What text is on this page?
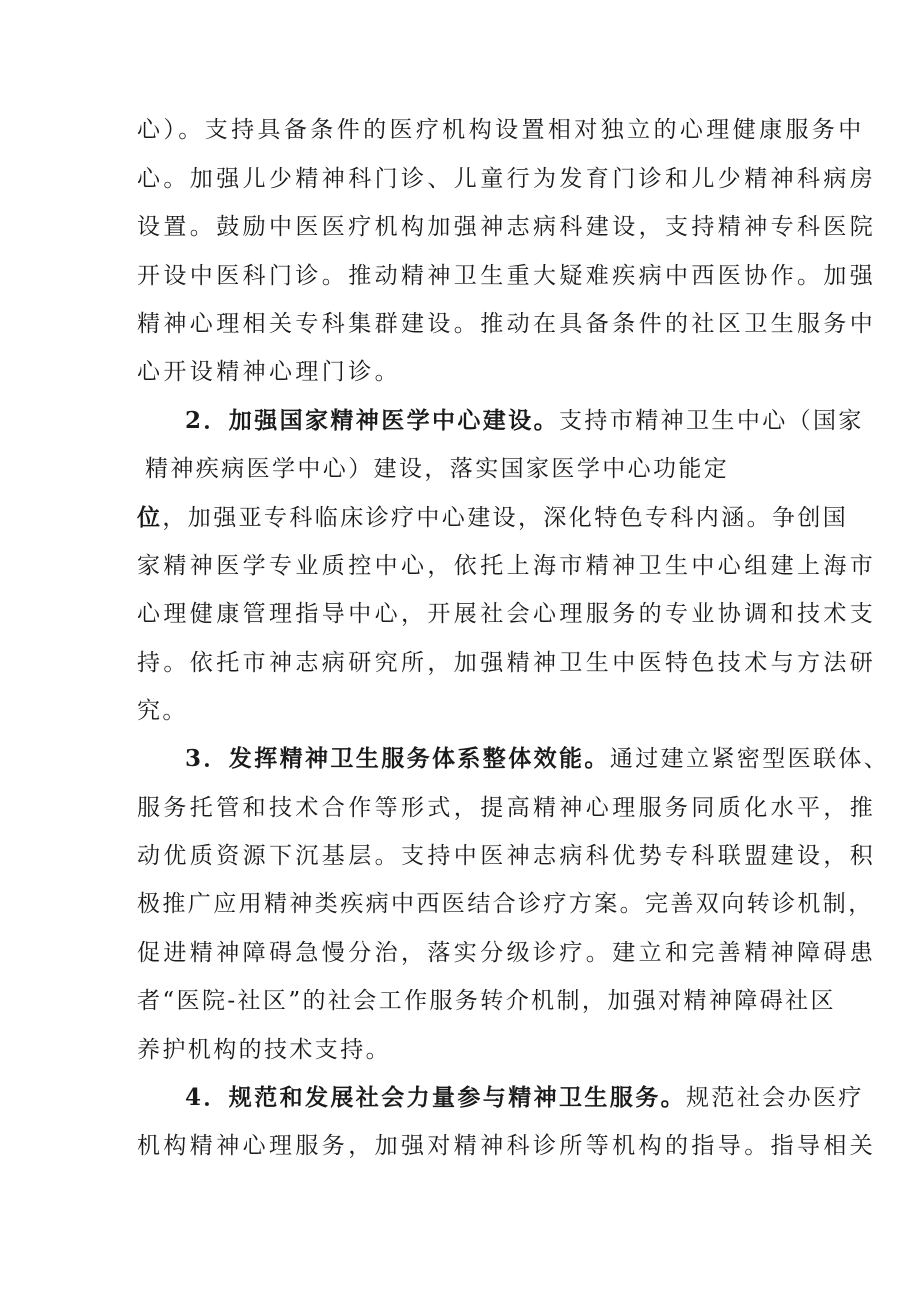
心）。支持具备条件的医疗机构设置相对独立的心理健康服务中
心。加强儿少精神科门诊、儿童行为发育门诊和儿少精神科病房
设置。鼓励中医医疗机构加强神志病科建设，支持精神专科医院
开设中医科门诊。推动精神卫生重大疑难疾病中西医协作。加强
精神心理相关专科集群建设。推动在具备条件的社区卫生服务中
心开设精神心理门诊。
2．加强国家精神医学中心建设。支持市精神卫生中心（国家
精神疾病医学中心）建设，落实国家医学中心功能定
位，加强亚专科临床诊疗中心建设，深化特色专科内涵。争创国
家精神医学专业质控中心，依托上海市精神卫生中心组建上海市
心理健康管理指导中心，开展社会心理服务的专业协调和技术支
持。依托市神志病研究所，加强精神卫生中医特色技术与方法研
究。
3．发挥精神卫生服务体系整体效能。通过建立紧密型医联体、
服务托管和技术合作等形式，提高精神心理服务同质化水平，推
动优质资源下沉基层。支持中医神志病科优势专科联盟建设，积
极推广应用精神类疾病中西医结合诊疗方案。完善双向转诊机制，
促进精神障碍急慢分治，落实分级诊疗。建立和完善精神障碍患
者“医院-社区”的社会工作服务转介机制，加强对精神障碍社区
养护机构的技术支持。
4．规范和发展社会力量参与精神卫生服务。规范社会办医疗
机构精神心理服务，加强对精神科诊所等机构的指导。指导相关
